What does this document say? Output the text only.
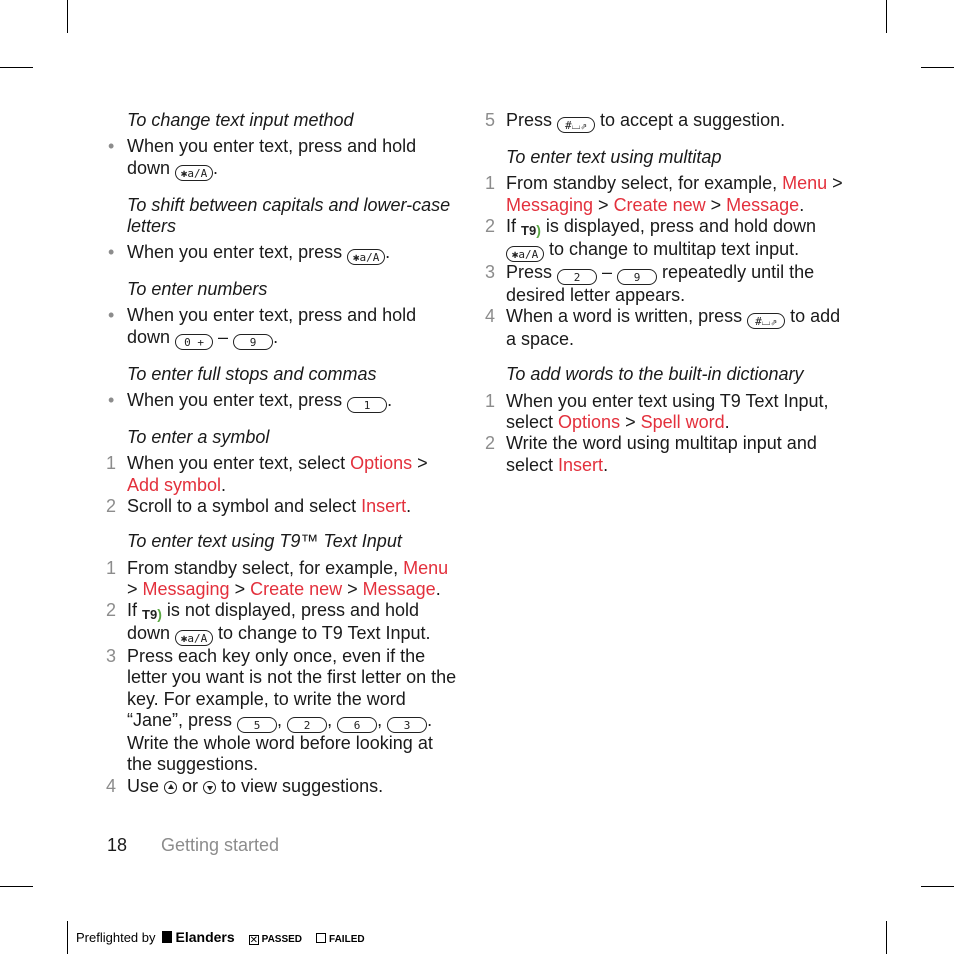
To change text input method
• When you enter text, press and hold down ✱a/A .
To shift between capitals and lower-case letters
• When you enter text, press ✱a/A .
To enter numbers
• When you enter text, press and hold down 0 + – 9 .
To enter full stops and commas
• When you enter text, press 1 .
To enter a symbol
1 When you enter text, select Options > Add symbol.
2 Scroll to a symbol and select Insert.
To enter text using T9™ Text Input
1 From standby select, for example, Menu > Messaging > Create new > Message.
2 If T9) is not displayed, press and hold down ✱a/A to change to T9 Text Input.
3 Press each key only once, even if the letter you want is not the first letter on the key. For example, to write the word “Jane”, press 5 , 2 , 6 , 3 . Write the whole word before looking at the suggestions.
4 Use  or  to view suggestions.
5 Press #⌴⇗ to accept a suggestion.
To enter text using multitap
1 From standby select, for example, Menu > Messaging > Create new > Message.
2 If T9) is displayed, press and hold down ✱a/A to change to multitap text input.
3 Press 2 – 9 repeatedly until the desired letter appears.
4 When a word is written, press #⌴⇗ to add a space.
To add words to the built-in dictionary
1 When you enter text using T9 Text Input, select Options > Spell word.
2 Write the word using multitap input and select Insert.
18 Getting started
Preflighted by Elanders ✕ PASSED	FAILED
